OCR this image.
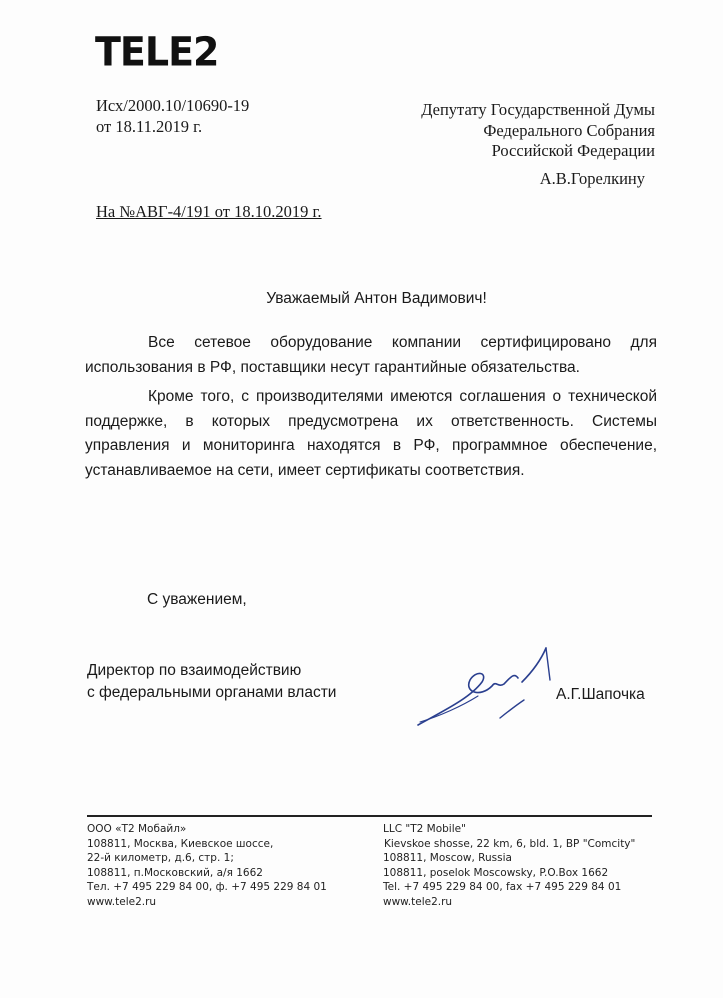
TELE2
Исх/2000.10/10690-19
от 18.11.2019 г.
Депутату Государственной Думы
Федерального Собрания
Российской Федерации
А.В.Горелкину
На №АВГ-4/191 от 18.10.2019 г.
Уважаемый Антон Вадимович!

Все сетевое оборудование компании сертифицировано для использования в РФ, поставщики несут гарантийные обязательства.

Кроме того, с производителями имеются соглашения о технической поддержке, в которых предусмотрена их ответственность. Системы управления и мониторинга находятся в РФ, программное обеспечение, устанавливаемое на сети, имеет сертификаты соответствия.

С уважением,
Директор по взаимодействию
с федеральными органами власти	А.Г.Шапочка
ООО «Т2 Мобайл»
108811, Москва, Киевское шоссе,
22-й километр, д.6, стр. 1;
108811, п.Московский, а/я 1662
Тел. +7 495 229 84 00, ф. +7 495 229 84 01
www.tele2.ru
LLC "T2 Mobile"
Kievskoe shosse, 22 km, 6, bld. 1, BP "Comcity"
108811, Moscow, Russia
108811, poselok Moscowsky, P.O.Box 1662
Tel. +7 495 229 84 00, fax +7 495 229 84 01
www.tele2.ru
